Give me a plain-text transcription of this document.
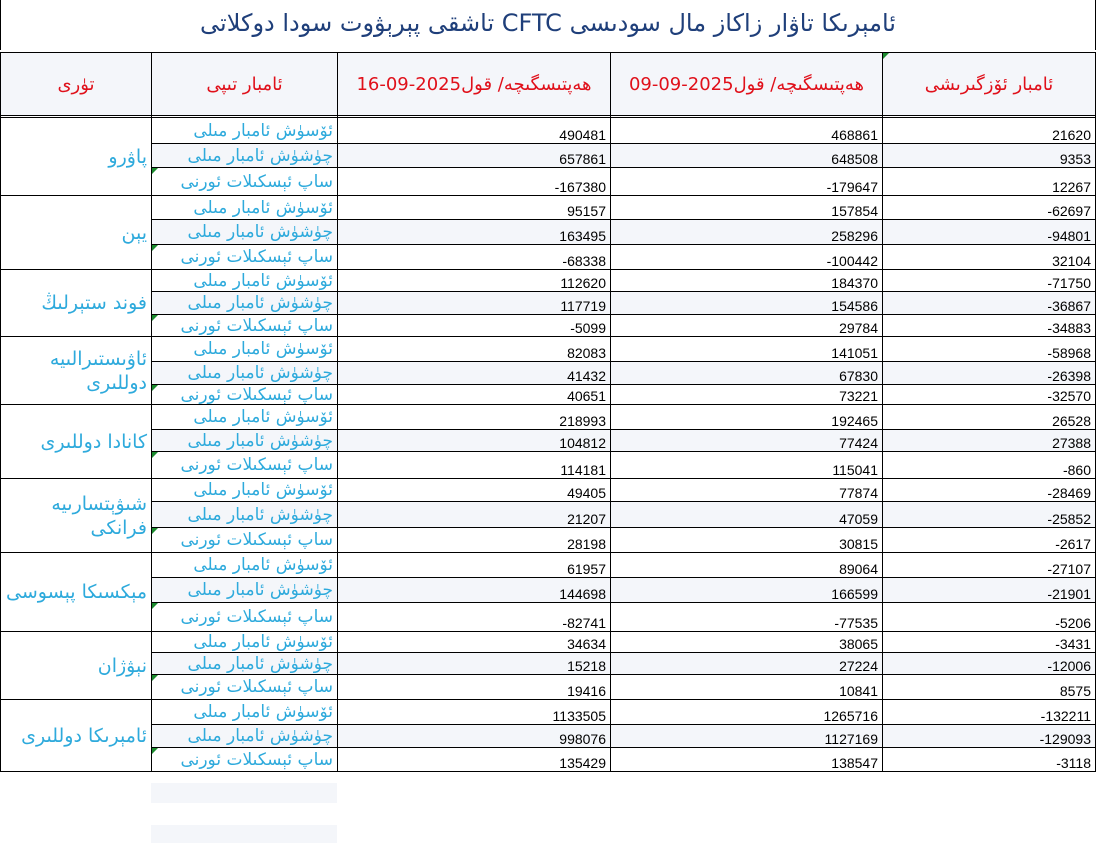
ئامېرىكا تاۋار زاكاز مال سودىسى CFTC تاشقى پېرېۋوت سودا دوكلاتى
تۈرى	ئامبار تىپى	16-09-2025ھەپتىسگىچە/ قول	09-09-2025ھەپتىسگىچە/ قول	ئامبار ئۆزگىرىشى

پاۋرو	ئۆسۈش ئامبار مىلى	490481	468861	21620
	چۈشۈش ئامبار مىلى	657861	648508	9353

ساپ ئېسكىلات ئورنى	-167380	-179647	12267
يېن	ئۆسۈش ئامبار مىلى	95157	157854	-62697
	چۈشۈش ئامبار مىلى	163495	258296	-94801

ساپ ئېسكىلات ئورنى	-68338	-100442	32104
فوند ستېرلىڭ	ئۆسۈش ئامبار مىلى	112620	184370	-71750
	چۈشۈش ئامبار مىلى	117719	154586	-36867

ساپ ئېسكىلات ئورنى	-5099	29784	-34883
ئاۋىستىرالىيە دوللىرى	ئۆسۈش ئامبار مىلى	82083	141051	-58968
	چۈشۈش ئامبار مىلى	41432	67830	-26398

ساپ ئېسكىلات ئورنى	40651	73221	-32570
كانادا دوللىرى	ئۆسۈش ئامبار مىلى	218993	192465	26528
	چۈشۈش ئامبار مىلى	104812	77424	27388

ساپ ئېسكىلات ئورنى	114181	115041	-860
شىۋېتسارىيە فرانكى	ئۆسۈش ئامبار مىلى	49405	77874	-28469
	چۈشۈش ئامبار مىلى	21207	47059	-25852

ساپ ئېسكىلات ئورنى	28198	30815	-2617
مېكسىكا پېسوسى	ئۆسۈش ئامبار مىلى	61957	89064	-27107
	چۈشۈش ئامبار مىلى	144698	166599	-21901

ساپ ئېسكىلات ئورنى	-82741	-77535	-5206
نېۋژان	ئۆسۈش ئامبار مىلى	34634	38065	-3431
	چۈشۈش ئامبار مىلى	15218	27224	-12006

ساپ ئېسكىلات ئورنى	19416	10841	8575
ئامېرىكا دوللىرى	ئۆسۈش ئامبار مىلى	1133505	1265716	-132211
	چۈشۈش ئامبار مىلى	998076	1127169	-129093

ساپ ئېسكىلات ئورنى	135429	138547	-3118
